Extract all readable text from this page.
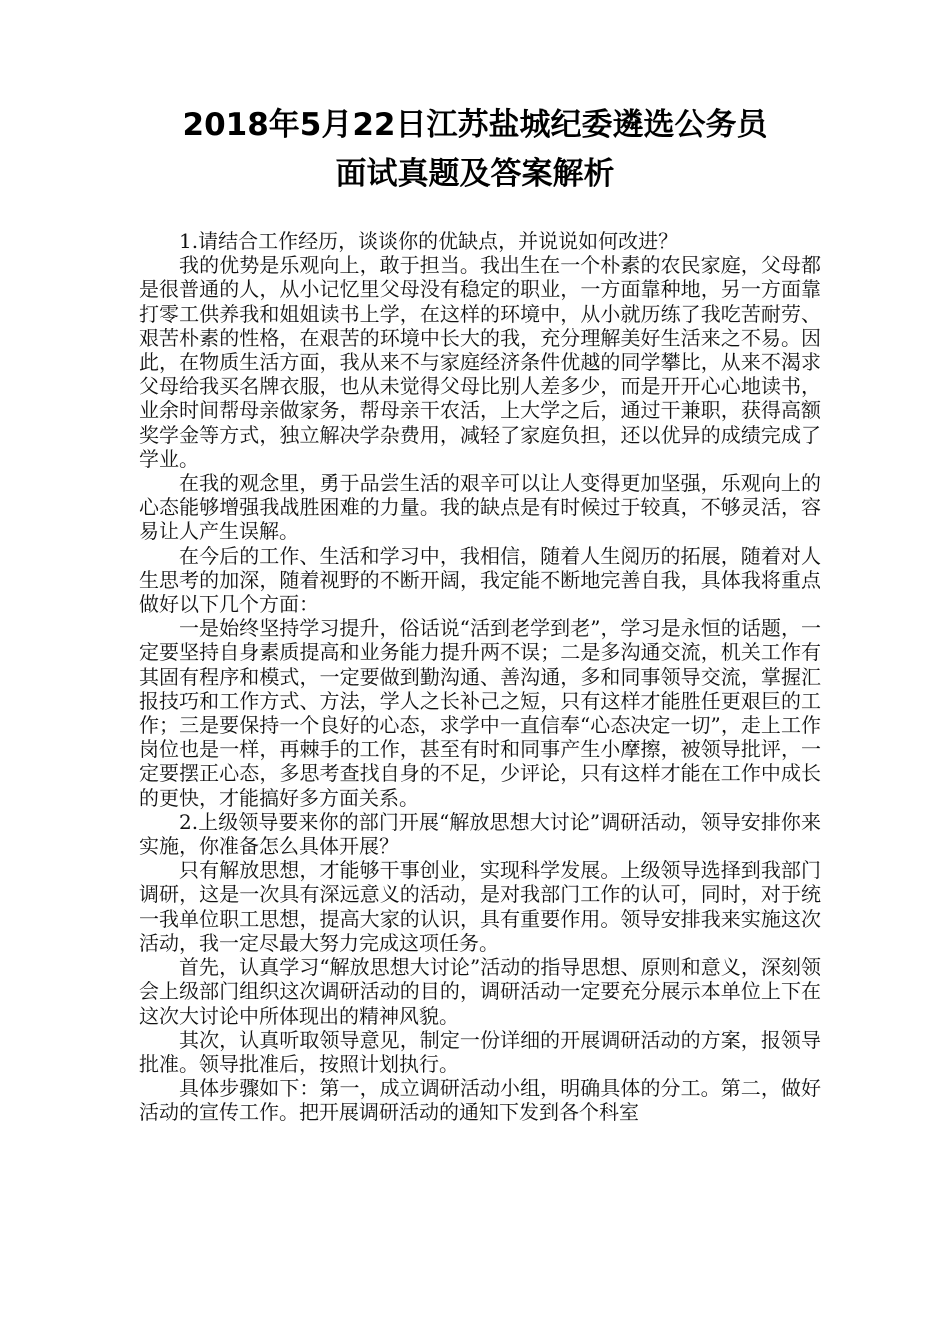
2018年5月22日江苏盐城纪委遴选公务员
面试真题及答案解析

1.请结合工作经历，谈谈你的优缺点，并说说如何改进？

我的优势是乐观向上，敢于担当。我出生在一个朴素的农民家庭，父母都是很普通的人，从小记忆里父母没有稳定的职业，一方面靠种地，另一方面靠打零工供养我和姐姐读书上学，在这样的环境中，从小就历练了我吃苦耐劳、艰苦朴素的性格，在艰苦的环境中长大的我，充分理解美好生活来之不易。因此，在物质生活方面，我从来不与家庭经济条件优越的同学攀比，从来不渴求父母给我买名牌衣服，也从未觉得父母比别人差多少，而是开开心心地读书，业余时间帮母亲做家务，帮母亲干农活，上大学之后，通过干兼职，获得高额奖学金等方式，独立解决学杂费用，减轻了家庭负担，还以优异的成绩完成了学业。

在我的观念里，勇于品尝生活的艰辛可以让人变得更加坚强，乐观向上的心态能够增强我战胜困难的力量。我的缺点是有时候过于较真，不够灵活，容易让人产生误解。

在今后的工作、生活和学习中，我相信，随着人生阅历的拓展，随着对人生思考的加深，随着视野的不断开阔，我定能不断地完善自我，具体我将重点做好以下几个方面：

一是始终坚持学习提升，俗话说“活到老学到老”，学习是永恒的话题，一定要坚持自身素质提高和业务能力提升两不误；二是多沟通交流，机关工作有其固有程序和模式，一定要做到勤沟通、善沟通，多和同事领导交流，掌握汇报技巧和工作方式、方法，学人之长补己之短，只有这样才能胜任更艰巨的工作；三是要保持一个良好的心态，求学中一直信奉“心态决定一切”，走上工作岗位也是一样，再棘手的工作，甚至有时和同事产生小摩擦，被领导批评，一定要摆正心态，多思考查找自身的不足，少评论，只有这样才能在工作中成长的更快，才能搞好多方面关系。

2.上级领导要来你的部门开展“解放思想大讨论”调研活动，领导安排你来实施，你准备怎么具体开展？

只有解放思想，才能够干事创业，实现科学发展。上级领导选择到我部门调研，这是一次具有深远意义的活动，是对我部门工作的认可，同时，对于统一我单位职工思想，提高大家的认识，具有重要作用。领导安排我来实施这次活动，我一定尽最大努力完成这项任务。

首先，认真学习“解放思想大讨论”活动的指导思想、原则和意义，深刻领会上级部门组织这次调研活动的目的，调研活动一定要充分展示本单位上下在这次大讨论中所体现出的精神风貌。

其次，认真听取领导意见，制定一份详细的开展调研活动的方案，报领导批准。领导批准后，按照计划执行。

具体步骤如下：第一，成立调研活动小组，明确具体的分工。第二，做好活动的宣传工作。把开展调研活动的通知下发到各个科室
